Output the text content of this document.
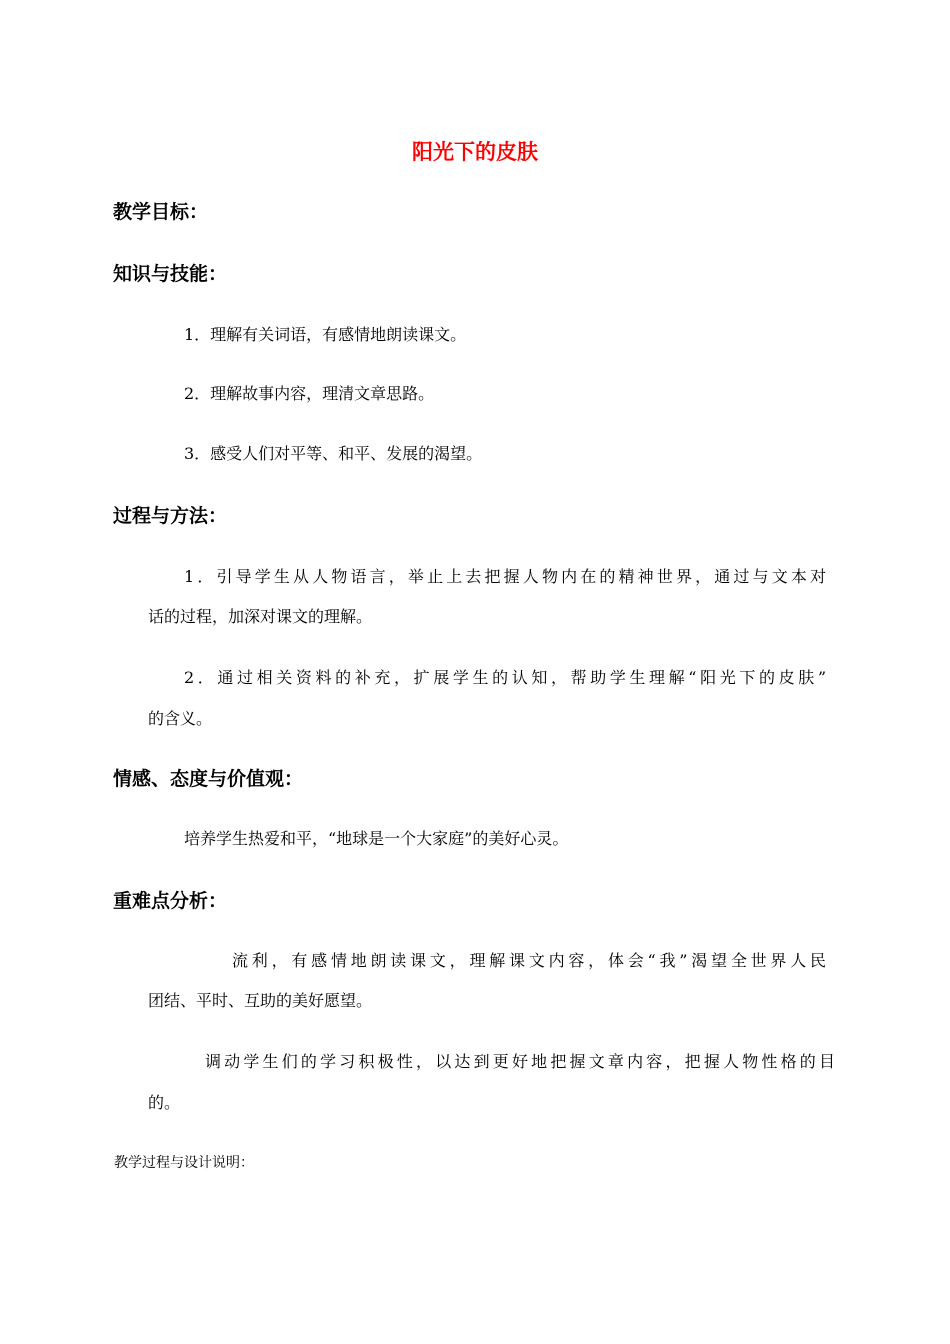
阳光下的皮肤
教学目标：
知识与技能：
1．理解有关词语，有感情地朗读课文。
2．理解故事内容，理清文章思路。
3．感受人们对平等、和平、发展的渴望。
过程与方法：
1．引导学生从人物语言，举止上去把握人物内在的精神世界，通过与文本对
话的过程，加深对课文的理解。
2．通过相关资料的补充，扩展学生的认知，帮助学生理解“阳光下的皮肤”
的含义。
情感、态度与价值观：
培养学生热爱和平，“地球是一个大家庭”的美好心灵。
重难点分析：
流利，有感情地朗读课文，理解课文内容，体会“我”渴望全世界人民
团结、平时、互助的美好愿望。
调动学生们的学习积极性，以达到更好地把握文章内容，把握人物性格的目
的。
教学过程与设计说明：
